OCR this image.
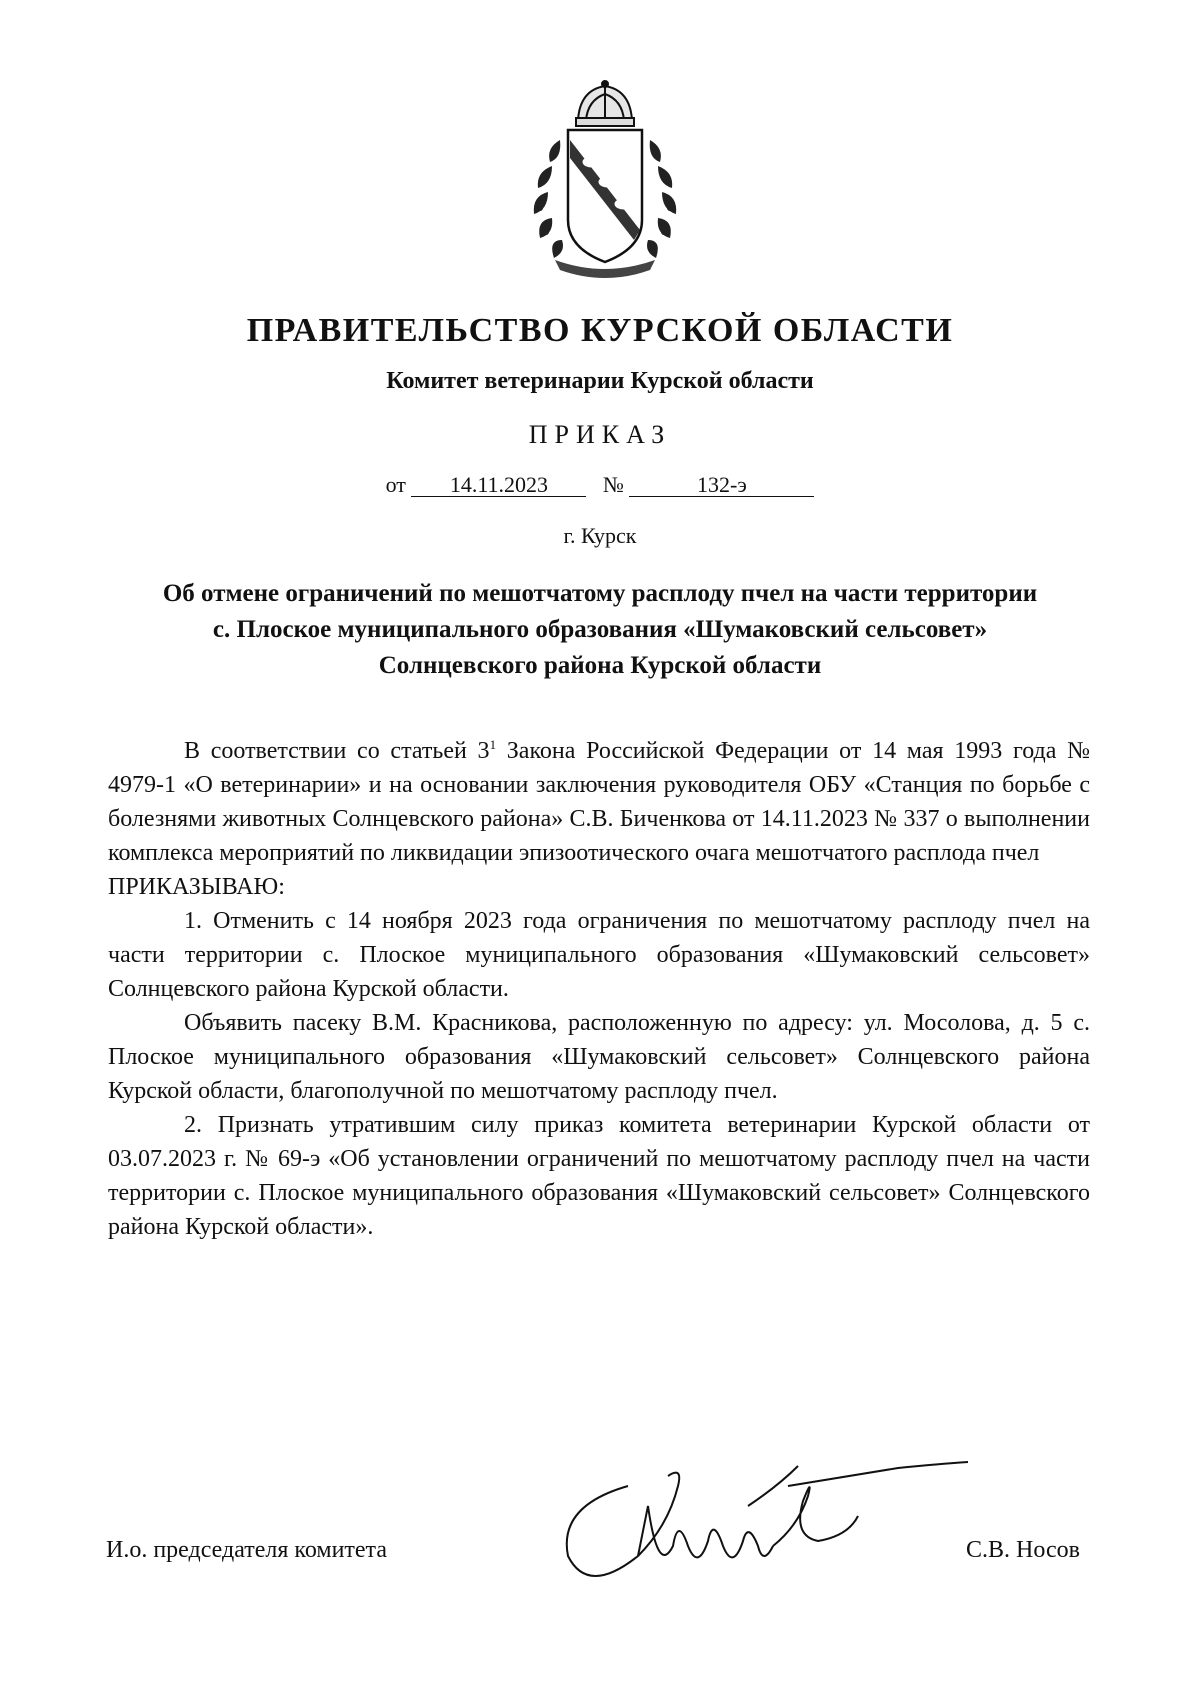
ПРАВИТЕЛЬСТВО КУРСКОЙ ОБЛАСТИ
Комитет ветеринарии Курской области
ПРИКАЗ
от 14.11.2023 №	132-э
г. Курск
Об отмене ограничений по мешотчатому расплоду пчел на части территории
с. Плоское муниципального образования «Шумаковский сельсовет»
Солнцевского района Курской области

В соответствии со статьей $3^1$ Закона Российской Федерации от 14 мая 1993 года № 4979-1 «О ветеринарии» и на основании заключения руководителя ОБУ «Станция по борьбе с болезнями животных Солнцевского района» С.В. Биченкова от 14.11.2023 № 337 о выполнении комплекса мероприятий по ликвидации эпизоотического очага мешотчатого расплода пчел

ПРИКАЗЫВАЮ:

1. Отменить с 14 ноября 2023 года ограничения по мешотчатому расплоду пчел на части территории с. Плоское муниципального образования «Шумаковский сельсовет» Солнцевского района Курской области.

Объявить пасеку В.М. Красникова, расположенную по адресу: ул. Мосолова, д. 5 с. Плоское муниципального образования «Шумаковский сельсовет» Солнцевского района Курской области, благополучной по мешотчатому расплоду пчел.

2. Признать утратившим силу приказ комитета ветеринарии Курской области от 03.07.2023 г. № 69-э «Об установлении ограничений по мешотчатому расплоду пчел на части территории с. Плоское муниципального образования «Шумаковский сельсовет» Солнцевского района Курской области».

И.о. председателя комитета	С.В. Носов
